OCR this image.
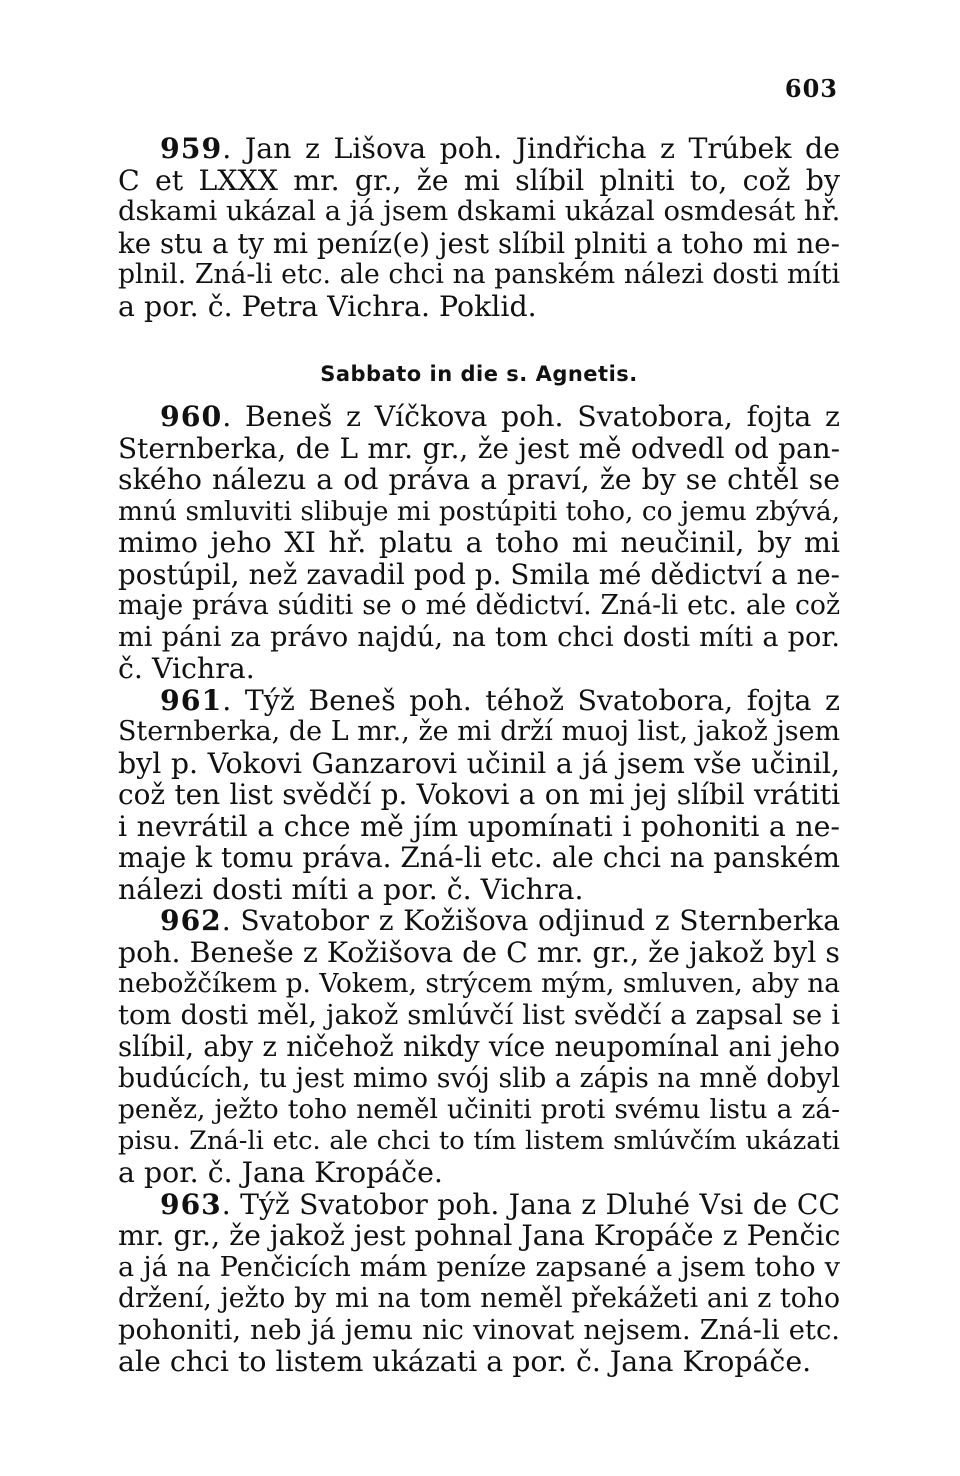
603
959. Jan z Lišova poh. Jindřicha z Trúbek de
C et LXXX mr. gr., že mi slíbil plniti to, což by
dskami ukázal a já jsem dskami ukázal osmdesát hř.
ke stu a ty mi peníz(e) jest slíbil plniti a toho mi ne-
plnil. Zná-li etc. ale chci na panském nálezi dosti míti
a por. č. Petra Vichra. Poklid.
Sabbato in die s. Agnetis.
960. Beneš z Víčkova poh. Svatobora, fojta z
Sternberka, de L mr. gr., že jest mě odvedl od pan-
ského nálezu a od práva a praví, že by se chtěl se
mnú smluviti slibuje mi postúpiti toho, co jemu zbývá,
mimo jeho XI hř. platu a toho mi neučinil, by mi
postúpil, než zavadil pod p. Smila mé dědictví a ne-
maje práva súditi se o mé dědictví. Zná-li etc. ale což
mi páni za právo najdú, na tom chci dosti míti a por.
č. Vichra.
961. Týž Beneš poh. téhož Svatobora, fojta z
Sternberka, de L mr., že mi drží muoj list, jakož jsem
byl p. Vokovi Ganzarovi učinil a já jsem vše učinil,
což ten list svědčí p. Vokovi a on mi jej slíbil vrátiti
i nevrátil a chce mě jím upomínati i pohoniti a ne-
maje k tomu práva. Zná-li etc. ale chci na panském
nálezi dosti míti a por. č. Vichra.
962. Svatobor z Kožišova odjinud z Sternberka
poh. Beneše z Kožišova de C mr. gr., že jakož byl s
nebožčíkem p. Vokem, strýcem mým, smluven, aby na
tom dosti měl, jakož smlúvčí list svědčí a zapsal se i
slíbil, aby z ničehož nikdy více neupomínal ani jeho
budúcích, tu jest mimo svój slib a zápis na mně dobyl
peněz, ježto toho neměl učiniti proti svému listu a zá-
pisu. Zná-li etc. ale chci to tím listem smlúvčím ukázati
a por. č. Jana Kropáče.
963. Týž Svatobor poh. Jana z Dluhé Vsi de CC
mr. gr., že jakož jest pohnal Jana Kropáče z Penčic
a já na Penčicích mám peníze zapsané a jsem toho v
držení, ježto by mi na tom neměl překážeti ani z toho
pohoniti, neb já jemu nic vinovat nejsem. Zná-li etc.
ale chci to listem ukázati a por. č. Jana Kropáče.
